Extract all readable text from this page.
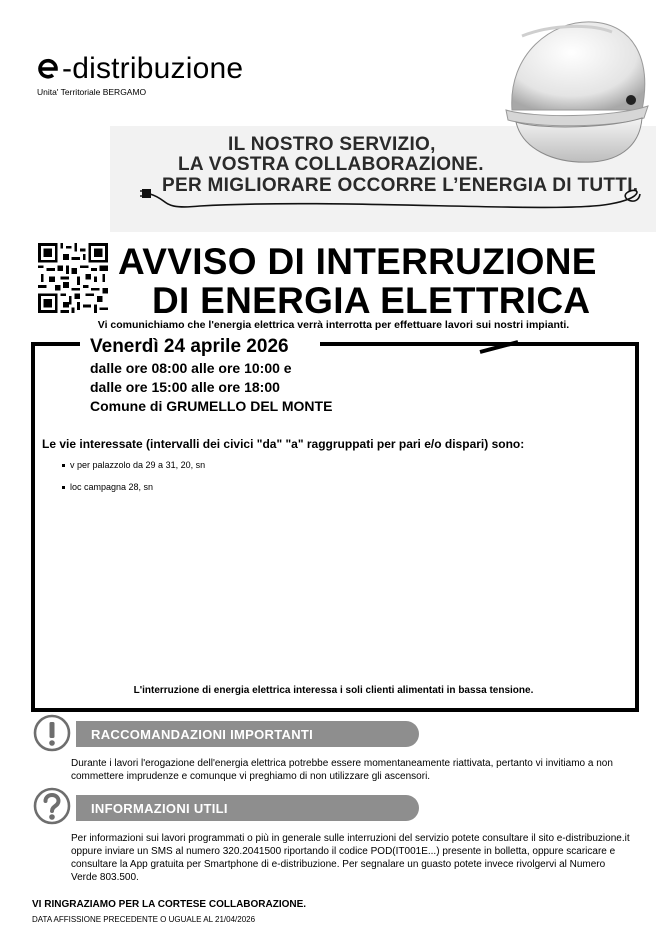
-distribuzione
Unita' Territoriale BERGAMO
IL NOSTRO SERVIZIO,
LA VOSTRA COLLABORAZIONE.
PER MIGLIORARE OCCORRE L’ENERGIA DI TUTTI.
AVVISO DI INTERRUZIONE
DI ENERGIA ELETTRICA
Vi comunichiamo che l'energia elettrica verrà interrotta per effettuare lavori sui nostri impianti.
Venerdì 24 aprile 2026
dalle ore 08:00 alle ore 10:00 e
dalle ore 15:00 alle ore 18:00
Comune di GRUMELLO DEL MONTE
Le vie interessate (intervalli dei civici "da" "a" raggruppati per pari e/o dispari) sono:
v per palazzolo da 29 a 31, 20, sn
loc campagna 28, sn
L'interruzione di energia elettrica interessa i soli clienti alimentati in bassa tensione.
RACCOMANDAZIONI IMPORTANTI
Durante i lavori l'erogazione dell'energia elettrica potrebbe essere momentaneamente riattivata, pertanto vi invitiamo a non commettere imprudenze e comunque vi preghiamo di non utilizzare gli ascensori.
INFORMAZIONI UTILI
Per informazioni sui lavori programmati o più in generale sulle interruzioni del servizio potete consultare il sito e-distribuzione.it oppure inviare un SMS al numero 320.2041500 riportando il codice POD(IT001E...) presente in bolletta, oppure scaricare e consultare la App gratuita per Smartphone di e-distribuzione. Per segnalare un guasto potete invece rivolgervi al Numero Verde 803.500.
VI RINGRAZIAMO PER LA CORTESE COLLABORAZIONE.
DATA AFFISSIONE PRECEDENTE O UGUALE AL 21/04/2026
